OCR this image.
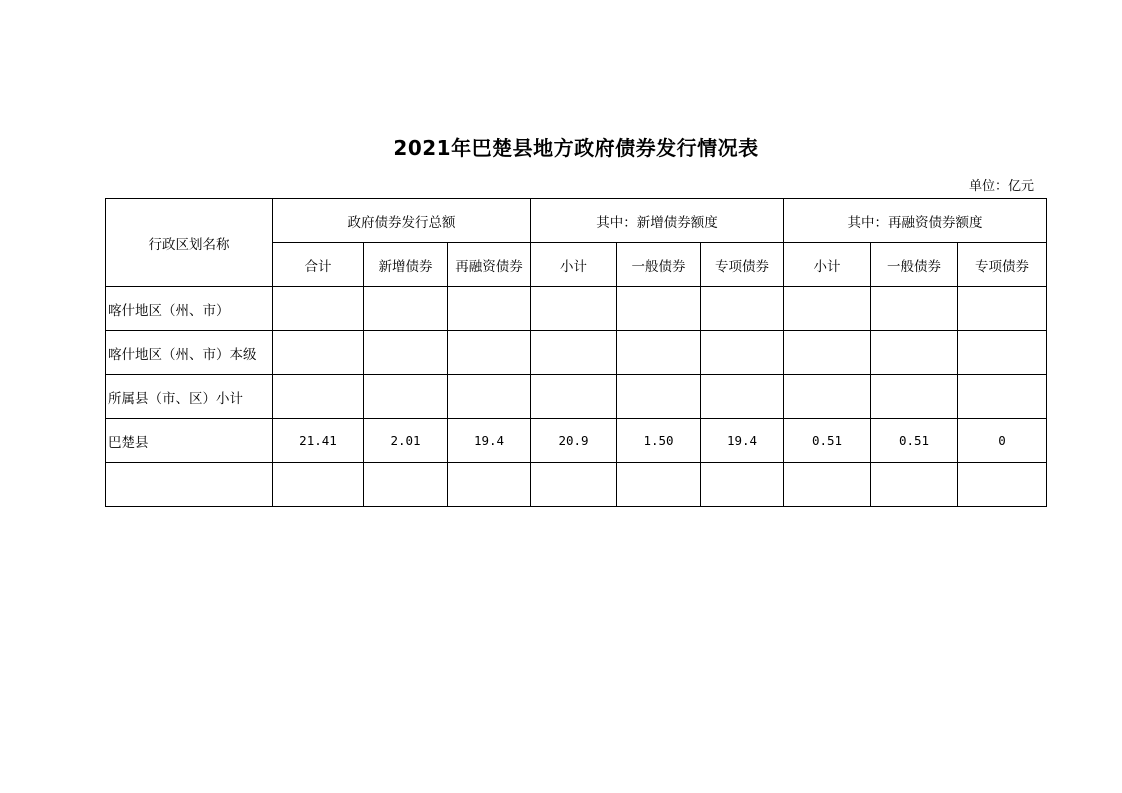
2021年巴楚县地方政府债券发行情况表
单位：亿元
行政区划名称	政府债券发行总额			其中：新增债券额度			其中：再融资债券额度		
	合计	新增债券	再融资债券	小计	一般债券	专项债券	小计	一般债券	专项债券
喀什地区（州、市）									
喀什地区（州、市）本级									
所属县（市、区）小计									
巴楚县	21.41	2.01	19.4	20.9	1.50	19.4	0.51	0.51	0
